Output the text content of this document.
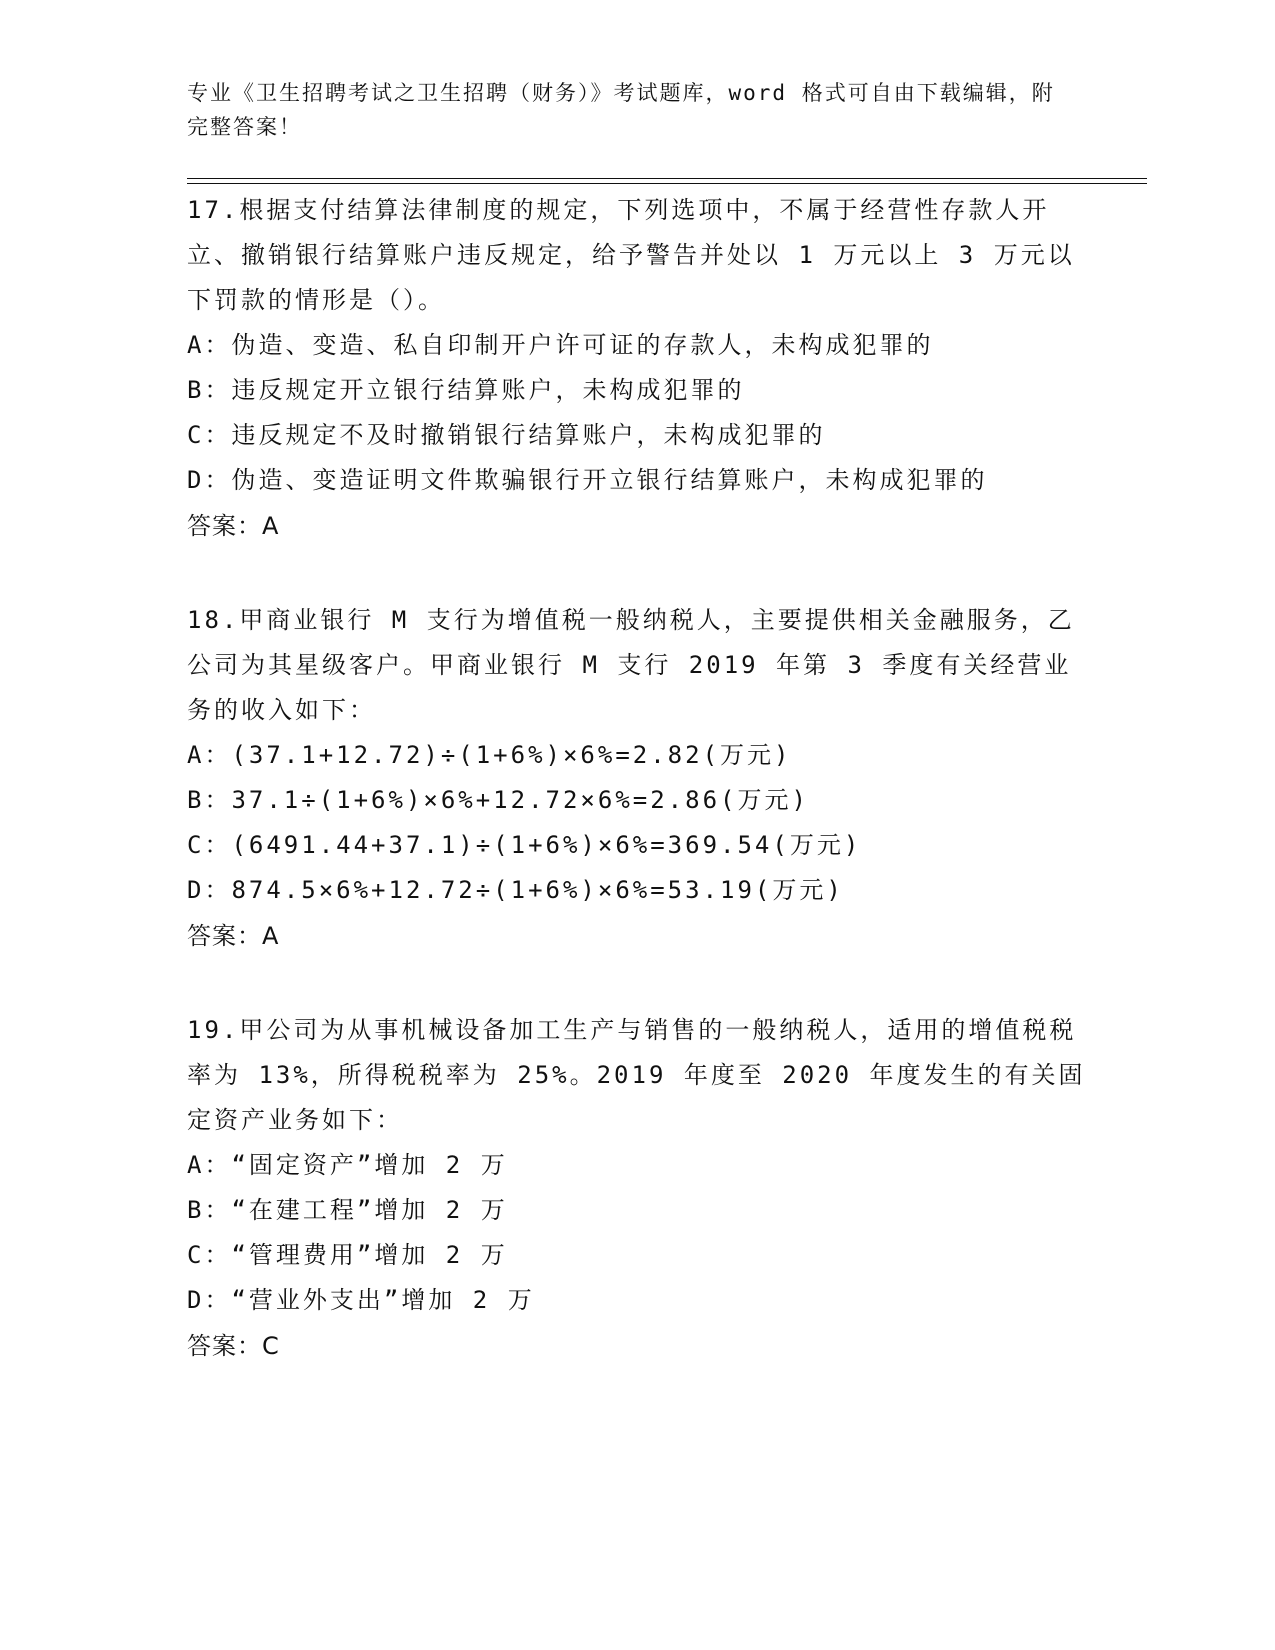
专业《卫生招聘考试之卫生招聘（财务）》考试题库，word 格式可自由下载编辑，附完整答案！

17.根据支付结算法律制度的规定，下列选项中，不属于经营性存款人开立、撤销银行结算账户违反规定，给予警告并处以 1 万元以上 3 万元以下罚款的情形是（）。

A：伪造、变造、私自印制开户许可证的存款人，未构成犯罪的

B：违反规定开立银行结算账户，未构成犯罪的

C：违反规定不及时撤销银行结算账户，未构成犯罪的

D：伪造、变造证明文件欺骗银行开立银行结算账户，未构成犯罪的

答案：A

18.甲商业银行 M 支行为增值税一般纳税人，主要提供相关金融服务，乙公司为其星级客户。甲商业银行 M 支行 2019 年第 3 季度有关经营业务的收入如下：

A：(37.1+12.72)÷(1+6%)×6%=2.82(万元)

B：37.1÷(1+6%)×6%+12.72×6%=2.86(万元)

C：(6491.44+37.1)÷(1+6%)×6%=369.54(万元)

D：874.5×6%+12.72÷(1+6%)×6%=53.19(万元)

答案：A

19.甲公司为从事机械设备加工生产与销售的一般纳税人，适用的增值税税率为 13%，所得税税率为 25%。2019 年度至 2020 年度发生的有关固定资产业务如下：

A：“固定资产”增加 2 万

B：“在建工程”增加 2 万

C：“管理费用”增加 2 万

D：“营业外支出”增加 2 万

答案：C
